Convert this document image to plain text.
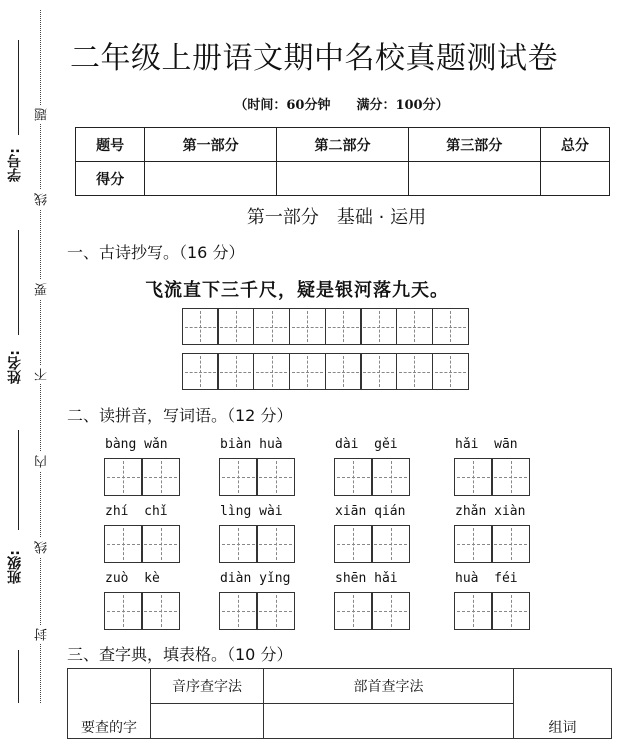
题
线
要
不
内
线
封
学号:
姓名:
班级:
二年级上册语文期中名校真题测试卷
（时间：60分钟　　满分：100分）
题号	第一部分	第二部分	第三部分	总分
得分				
第一部分　基础 · 运用
一、古诗抄写。（16 分）
飞流直下三千尺，疑是银河落九天。
二、读拼音，写词语。（12 分）
bàng wǎn	biàn huà	dài  gěi	hǎi  wān
zhí  chǐ	lìng wài	xiān qián	zhǎn xiàn
zuò  kè	diàn yǐng	shēn hǎi	huà  féi
三、查字典，填表格。（10 分）
要查的字	音序查字法	部首查字法	组词
